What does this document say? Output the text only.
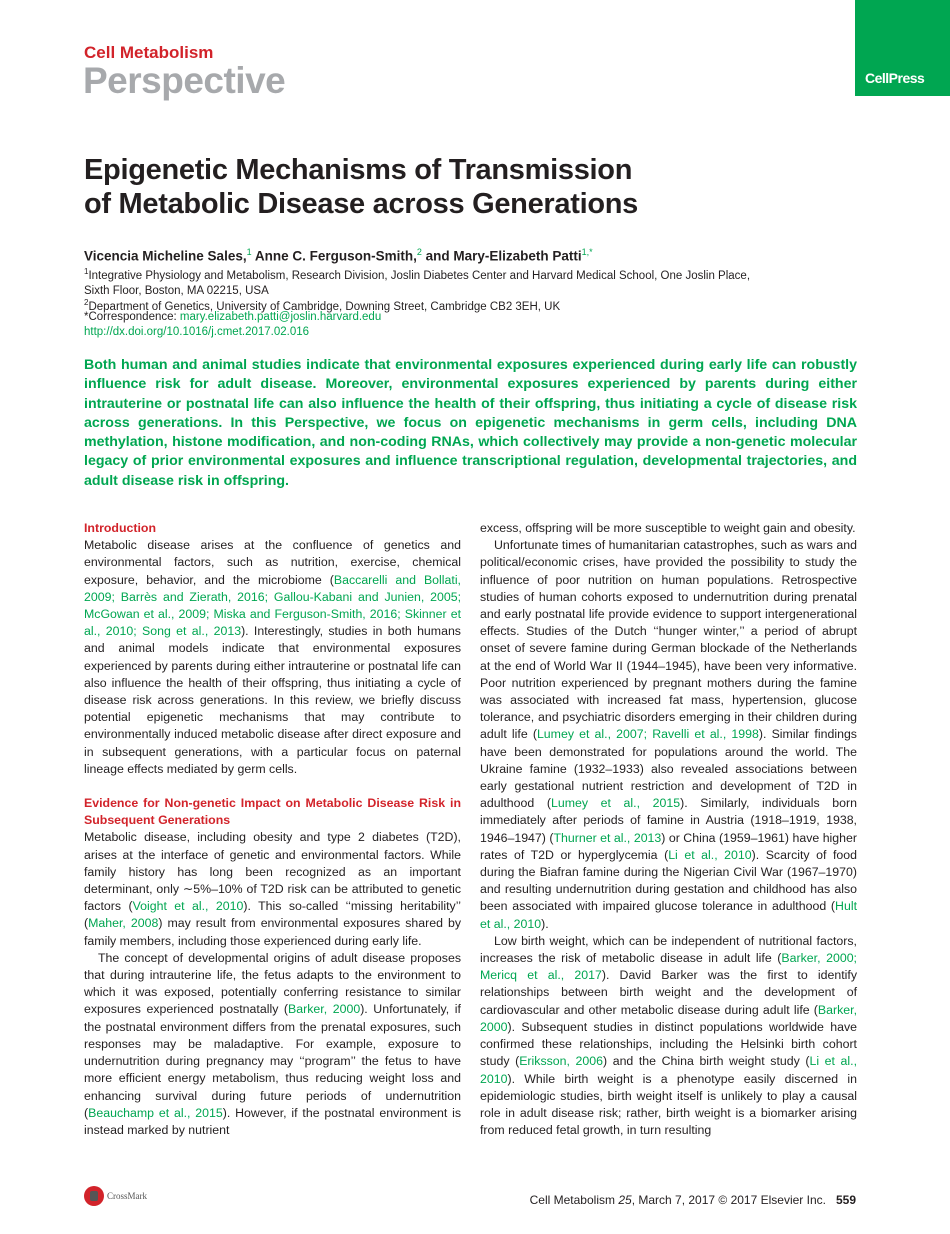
Cell Metabolism
Perspective	CellPress
Epigenetic Mechanisms of Transmission
of Metabolic Disease across Generations
Vicencia Micheline Sales,$^1$ Anne C. Ferguson-Smith,$^2$ and Mary-Elizabeth Patti$^{1,*}$
$^1$Integrative Physiology and Metabolism, Research Division, Joslin Diabetes Center and Harvard Medical School, One Joslin Place,
Sixth Floor, Boston, MA 02215, USA
$^2$Department of Genetics, University of Cambridge, Downing Street, Cambridge CB2 3EH, UK
*Correspondence: mary.elizabeth.patti@joslin.harvard.edu
http://dx.doi.org/10.1016/j.cmet.2017.02.016
Both human and animal studies indicate that environmental exposures experienced during early life can robustly influence risk for adult disease. Moreover, environmental exposures experienced by parents during either intrauterine or postnatal life can also influence the health of their offspring, thus initiating a cycle of disease risk across generations. In this Perspective, we focus on epigenetic mechanisms in germ cells, including DNA methylation, histone modification, and non-coding RNAs, which collectively may provide a non-genetic molecular legacy of prior environmental exposures and influence transcriptional regulation, developmental trajectories, and adult disease risk in offspring.

Introduction

Metabolic disease arises at the confluence of genetics and environmental factors, such as nutrition, exercise, chemical exposure, behavior, and the microbiome (Baccarelli and Bollati, 2009; Barrès and Zierath, 2016; Gallou-Kabani and Junien, 2005; McGowan et al., 2009; Miska and Ferguson-Smith, 2016; Skinner et al., 2010; Song et al., 2013). Interestingly, studies in both humans and animal models indicate that environmental exposures experienced by parents during either intrauterine or postnatal life can also influence the health of their offspring, thus initiating a cycle of disease risk across generations. In this review, we briefly discuss potential epigenetic mechanisms that may contribute to environmentally induced metabolic disease after direct exposure and in subsequent generations, with a particular focus on paternal lineage effects mediated by germ cells.

Evidence for Non-genetic Impact on Metabolic Disease Risk in Subsequent Generations

Metabolic disease, including obesity and type 2 diabetes (T2D), arises at the interface of genetic and environmental factors. While family history has long been recognized as an important determinant, only ∼5%–10% of T2D risk can be attributed to genetic factors (Voight et al., 2010). This so-called ‘‘missing heritability’’ (Maher, 2008) may result from environmental exposures shared by family members, including those experienced during early life.

The concept of developmental origins of adult disease proposes that during intrauterine life, the fetus adapts to the environment to which it was exposed, potentially conferring resistance to similar exposures experienced postnatally (Barker, 2000). Unfortunately, if the postnatal environment differs from the prenatal exposures, such responses may be maladaptive. For example, exposure to undernutrition during pregnancy may ‘‘program’’ the fetus to have more efficient energy metabolism, thus reducing weight loss and enhancing survival during future periods of undernutrition (Beauchamp et al., 2015). However, if the postnatal environment is instead marked by nutrient

excess, offspring will be more susceptible to weight gain and obesity.

Unfortunate times of humanitarian catastrophes, such as wars and political/economic crises, have provided the possibility to study the influence of poor nutrition on human populations. Retrospective studies of human cohorts exposed to undernutrition during prenatal and early postnatal life provide evidence to support intergenerational effects. Studies of the Dutch ‘‘hunger winter,’’ a period of abrupt onset of severe famine during German blockade of the Netherlands at the end of World War II (1944–1945), have been very informative. Poor nutrition experienced by pregnant mothers during the famine was associated with increased fat mass, hypertension, glucose tolerance, and psychiatric disorders emerging in their children during adult life (Lumey et al., 2007; Ravelli et al., 1998). Similar findings have been demonstrated for populations around the world. The Ukraine famine (1932–1933) also revealed associations between early gestational nutrient restriction and development of T2D in adulthood (Lumey et al., 2015). Similarly, individuals born immediately after periods of famine in Austria (1918–1919, 1938, 1946–1947) (Thurner et al., 2013) or China (1959–1961) have higher rates of T2D or hyperglycemia (Li et al., 2010). Scarcity of food during the Biafran famine during the Nigerian Civil War (1967–1970) and resulting undernutrition during gestation and childhood has also been associated with impaired glucose tolerance in adulthood (Hult et al., 2010).

Low birth weight, which can be independent of nutritional factors, increases the risk of metabolic disease in adult life (Barker, 2000; Mericq et al., 2017). David Barker was the first to identify relationships between birth weight and the development of cardiovascular and other metabolic disease during adult life (Barker, 2000). Subsequent studies in distinct populations worldwide have confirmed these relationships, including the Helsinki birth cohort study (Eriksson, 2006) and the China birth weight study (Li et al., 2010). While birth weight is a phenotype easily discerned in epidemiologic studies, birth weight itself is unlikely to play a causal role in adult disease risk; rather, birth weight is a biomarker arising from reduced fetal growth, in turn resulting

CrossMark	Cell Metabolism 25, March 7, 2017 © 2017 Elsevier Inc. 559
